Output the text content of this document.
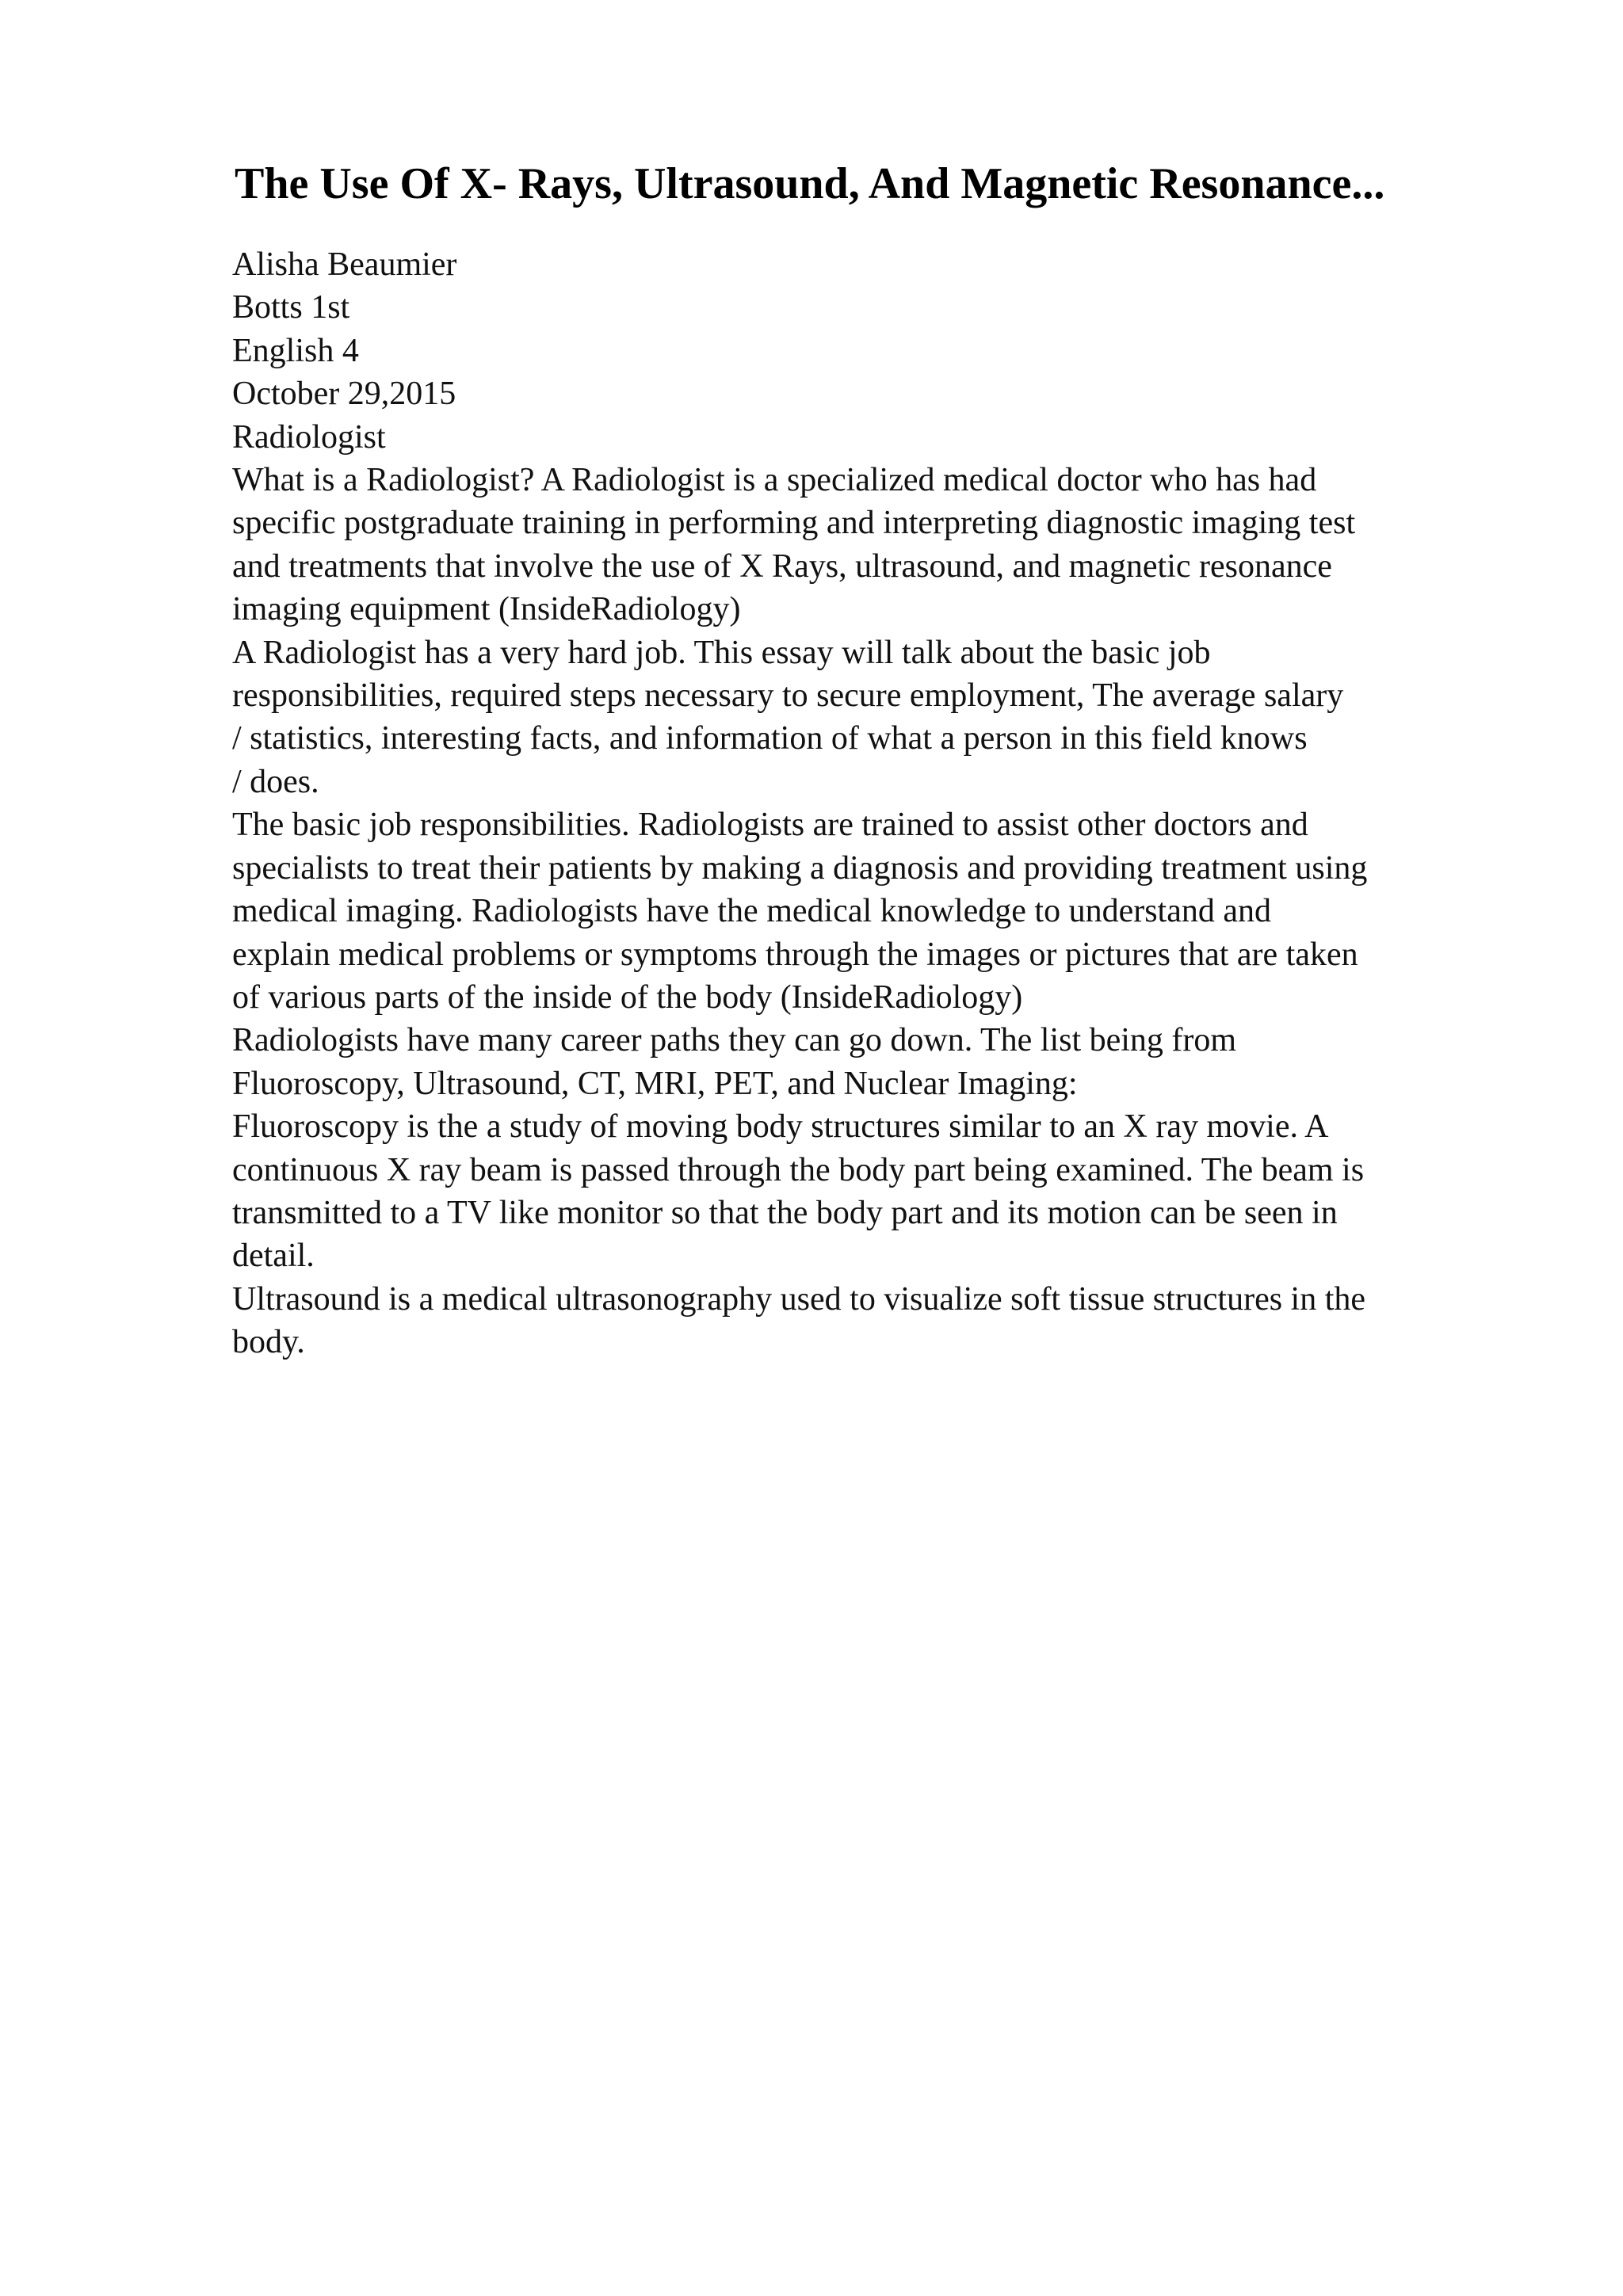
The Use Of X- Rays, Ultrasound, And Magnetic Resonance...
Alisha Beaumier
Botts 1st
English 4
October 29,2015
Radiologist
What is a Radiologist? A Radiologist is a specialized medical doctor who has had
specific postgraduate training in performing and interpreting diagnostic imaging test
and treatments that involve the use of X Rays, ultrasound, and magnetic resonance
imaging equipment (InsideRadiology)
A Radiologist has a very hard job. This essay will talk about the basic job
responsibilities, required steps necessary to secure employment, The average salary
/ statistics, interesting facts, and information of what a person in this field knows
/ does.
The basic job responsibilities. Radiologists are trained to assist other doctors and
specialists to treat their patients by making a diagnosis and providing treatment using
medical imaging. Radiologists have the medical knowledge to understand and
explain medical problems or symptoms through the images or pictures that are taken
of various parts of the inside of the body (InsideRadiology)
Radiologists have many career paths they can go down. The list being from
Fluoroscopy, Ultrasound, CT, MRI, PET, and Nuclear Imaging:
Fluoroscopy is the a study of moving body structures similar to an X ray movie. A
continuous X ray beam is passed through the body part being examined. The beam is
transmitted to a TV like monitor so that the body part and its motion can be seen in
detail.
Ultrasound is a medical ultrasonography used to visualize soft tissue structures in the
body.
